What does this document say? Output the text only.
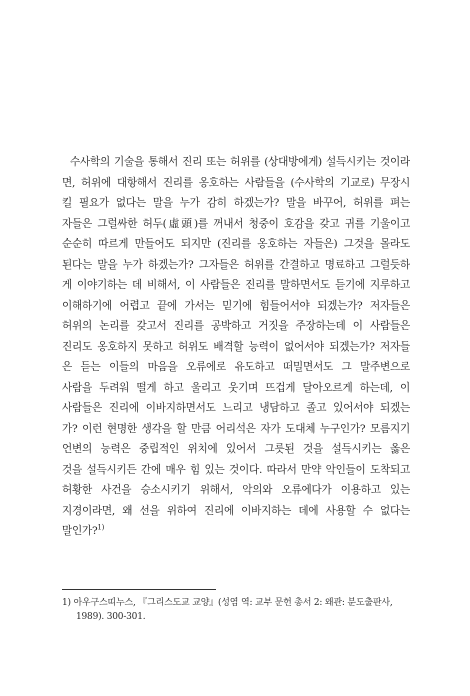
수사학의 기술을 통해서 진리 또는 허위를 (상대방에게) 설득시키는 것이라
면, 허위에 대항해서 진리를 옹호하는 사람들을 (수사학의 기교로) 무장시
킬 필요가 없다는 말을 누가 감히 하겠는가? 말을 바꾸어, 허위를 펴는
자들은 그럴싸한 허두(虛頭)를 꺼내서 청중이 호감을 갖고 귀를 기울이고
순순히 따르게 만들어도 되지만 (진리를 옹호하는 자들은) 그것을 몰라도
된다는 말을 누가 하겠는가? 그자들은 허위를 간결하고 명료하고 그럴듯하
게 이야기하는 데 비해서, 이 사람들은 진리를 말하면서도 듣기에 지루하고
이해하기에 어렵고 끝에 가서는 믿기에 힘들어서야 되겠는가? 저자들은
허위의 논리를 갖고서 진리를 공박하고 거짓을 주장하는데 이 사람들은
진리도 옹호하지 못하고 허위도 배격할 능력이 없어서야 되겠는가? 저자들
은 듣는 이들의 마음을 오류에로 유도하고 떠밀면서도 그 말주변으로
사람을 두려워 떨게 하고 울리고 웃기며 뜨겁게 달아오르게 하는데, 이
사람들은 진리에 이바지하면서도 느리고 냉담하고 졸고 있어서야 되겠는
가? 이런 현명한 생각을 할 만큼 어리석은 자가 도대체 누구인가? 모름지기
언변의 능력은 중립적인 위치에 있어서 그릇된 것을 설득시키는 옳은
것을 설득시키든 간에 매우 힘 있는 것이다. 따라서 만약 악인들이 도착되고
허황한 사건을 승소시키기 위해서, 악의와 오류에다가 이용하고 있는
지경이라면, 왜 선을 위하여 진리에 이바지하는 데에 사용할 수 없다는
말인가?$^{1)}$
1) 아우구스띠누스, 『그리스도교 교양』(성염 역: 교부 문헌 총서 2: 왜관: 분도출판사,
1989). 300-301.
